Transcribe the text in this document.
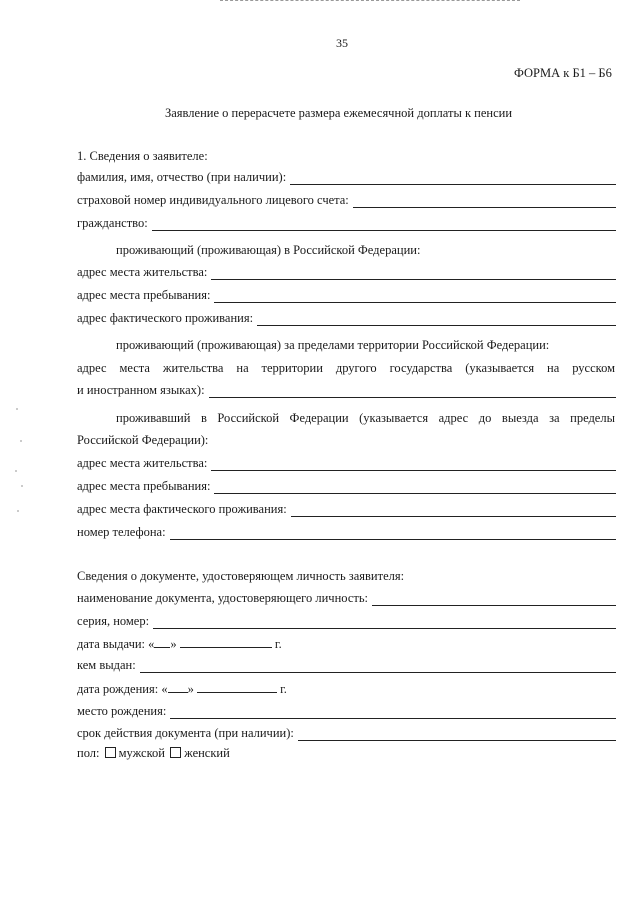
35
ФОРМА к Б1 – Б6
Заявление о перерасчете размера ежемесячной доплаты к пенсии
1. Сведения о заявителе:
фамилия, имя, отчество (при наличии):
страховой номер индивидуального лицевого счета:
гражданство:
проживающий (проживающая) в Российской Федерации:
адрес места жительства:
адрес места пребывания:
адрес фактического проживания:
проживающий (проживающая) за пределами территории Российской Федерации:
адрес места жительства на территории другого государства (указывается на русском
и иностранном языках):
проживавший в Российской Федерации (указывается адрес до выезда за пределы
Российской Федерации):
адрес места жительства:
адрес места пребывания:
адрес места фактического проживания:
номер телефона:
Сведения о документе, удостоверяющем личность заявителя:
наименование документа, удостоверяющего личность:
серия, номер:
дата выдачи: « »	г.
кем выдан:
дата рождения: « »	г.
место рождения:
срок действия документа (при наличии):
пол: мужской женский
